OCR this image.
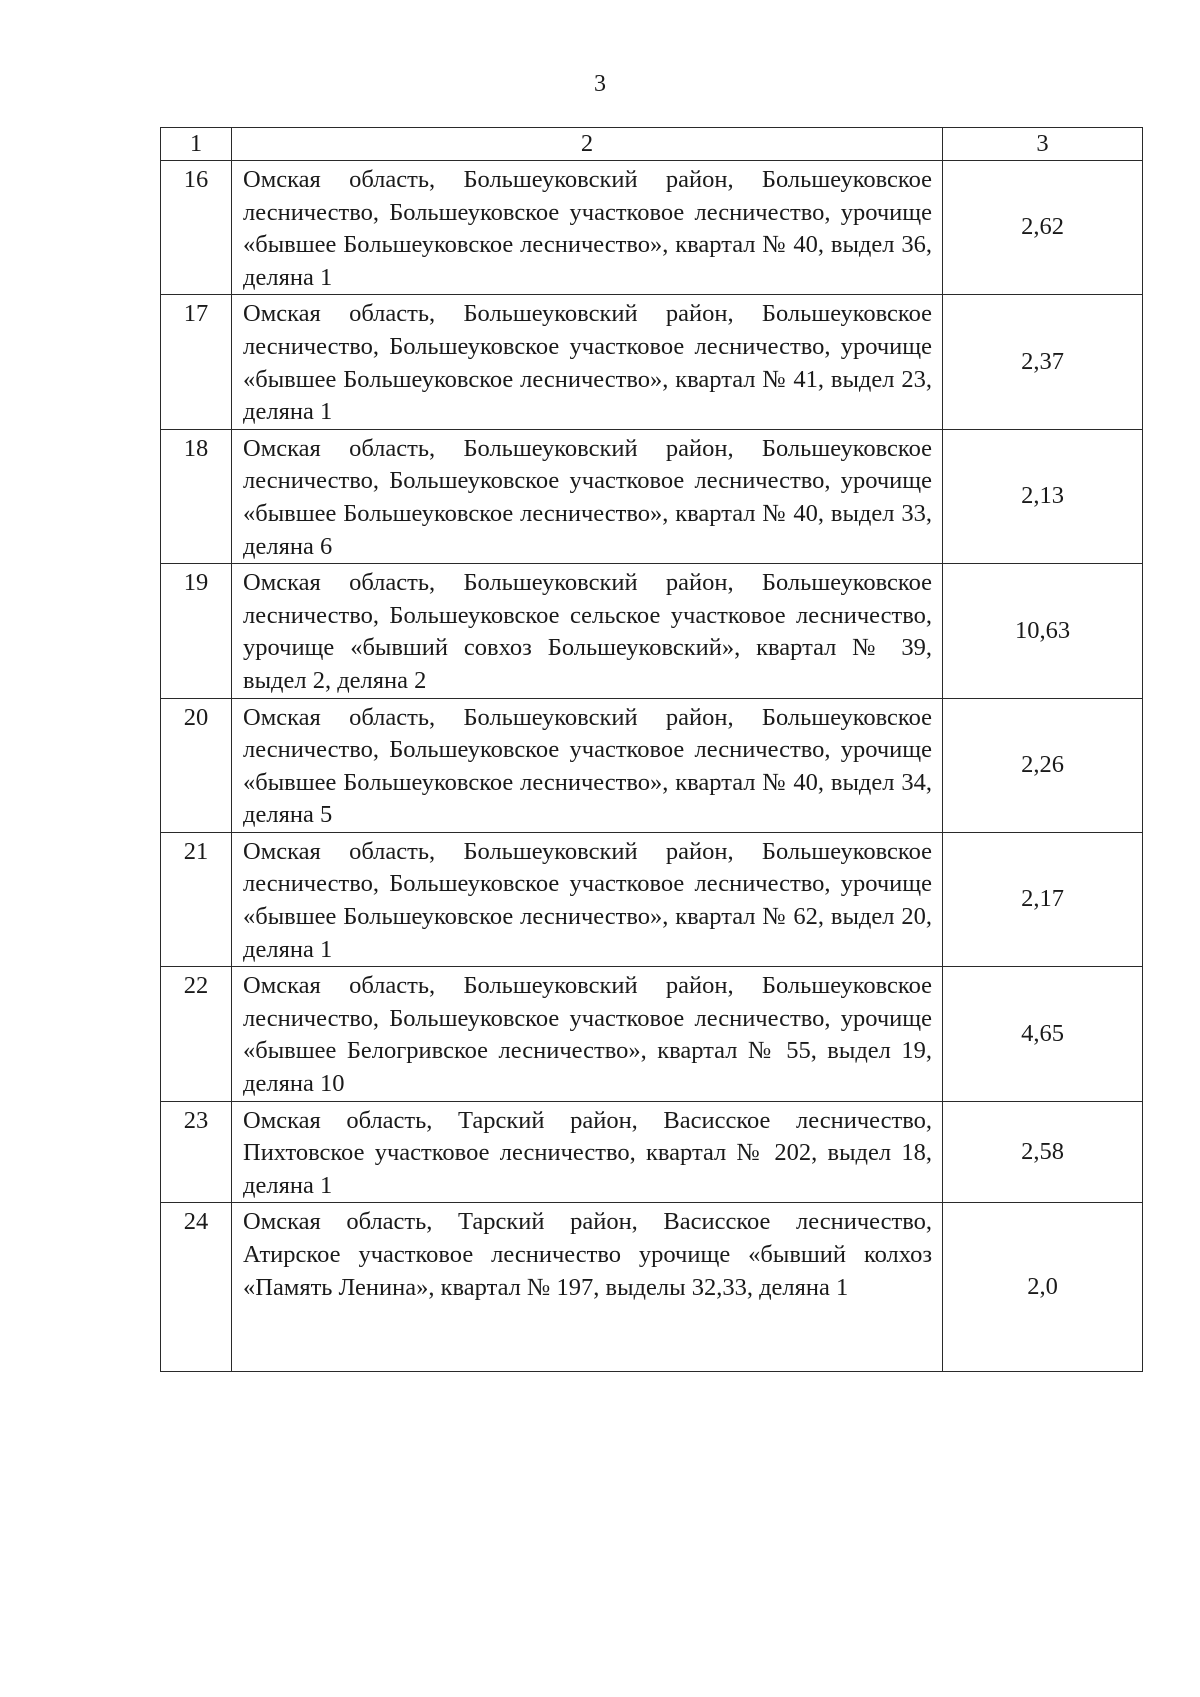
3
1	2	3
16	Омская область, Большеуковский район, Большеуковское лесничество, Большеуковское участковое лесничество, урочище «бывшее Большеуковское лесничество», квартал № 40, выдел 36, деляна 1	2,62
17	Омская область, Большеуковский район, Большеуковское лесничество, Большеуковское участковое лесничество, урочище «бывшее Большеуковское лесничество», квартал № 41, выдел 23, деляна 1	2,37
18	Омская область, Большеуковский район, Большеуковское лесничество, Большеуковское участковое лесничество, урочище «бывшее Большеуковское лесничество», квартал № 40, выдел 33, деляна 6	2,13
19	Омская область, Большеуковский район, Большеуковское лесничество, Большеуковское сельское участковое лесничество, урочище «бывший совхоз Большеуковский», квартал № 39, выдел 2, деляна 2	10,63
20	Омская область, Большеуковский район, Большеуковское лесничество, Большеуковское участковое лесничество, урочище «бывшее Большеуковское лесничество», квартал № 40, выдел 34, деляна 5	2,26
21	Омская область, Большеуковский район, Большеуковское лесничество, Большеуковское участковое лесничество, урочище «бывшее Большеуковское лесничество», квартал № 62, выдел 20, деляна 1	2,17
22	Омская область, Большеуковский район, Большеуковское лесничество, Большеуковское участковое лесничество, урочище «бывшее Белогривское лесничество», квартал № 55, выдел 19, деляна 10	4,65
23	Омская область, Тарский район, Васисское лесничество, Пихтовское участковое лесничество, квартал № 202, выдел 18, деляна 1	2,58
24	Омская область, Тарский район, Васисское лесничество, Атирское участковое лесничество урочище «бывший колхоз «Память Ленина», квартал № 197, выделы 32,33, деляна 1	2,0
